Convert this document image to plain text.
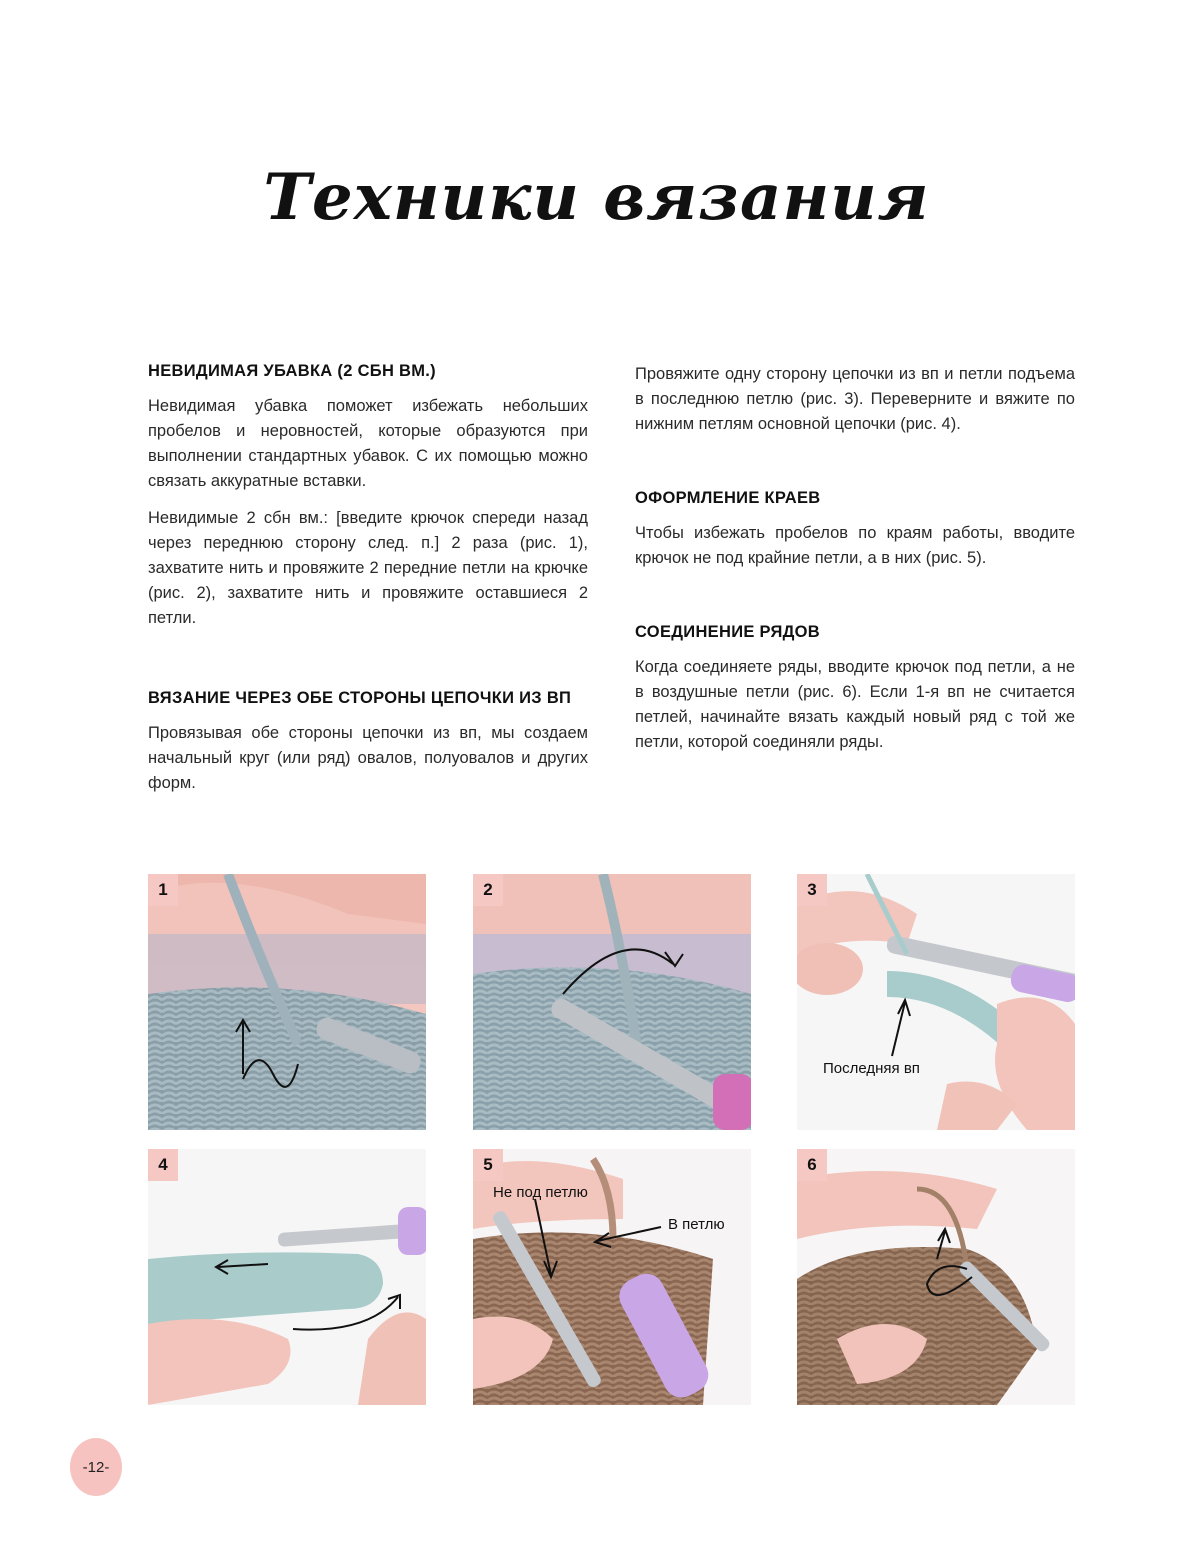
Техники вязания
НЕВИДИМАЯ УБАВКА (2 СБН ВМ.)

Невидимая убавка поможет избежать небольших пробелов и неровностей, которые образуются при выполнении стандартных убавок. С их помощью можно связать аккуратные вставки.

Невидимые 2 сбн вм.: [введите крючок спереди назад через переднюю сторону след. п.] 2 раза (рис. 1), захватите нить и провяжите 2 передние петли на крючке (рис. 2), захватите нить и провяжите оставшиеся 2 петли.

ВЯЗАНИЕ ЧЕРЕЗ ОБЕ СТОРОНЫ ЦЕПОЧКИ ИЗ ВП

Провязывая обе стороны цепочки из вп, мы создаем начальный круг (или ряд) овалов, полуовалов и других форм.

Провяжите одну сторону цепочки из вп и петли подъема в последнюю петлю (рис. 3). Переверните и вяжите по нижним петлям основной цепочки (рис. 4).

ОФОРМЛЕНИЕ КРАЕВ

Чтобы избежать пробелов по краям работы, вводите крючок не под крайние петли, а в них (рис. 5).

СОЕДИНЕНИЕ РЯДОВ

Когда соединяете ряды, вводите крючок под петли, а не в воздушные петли (рис. 6). Если 1-я вп не считается петлей, начинайте вязать каждый новый ряд с той же петли, которой соединяли ряды.

1	2	3
Последняя вп
4	5
Не под петлю
В петлю
6
-12-
